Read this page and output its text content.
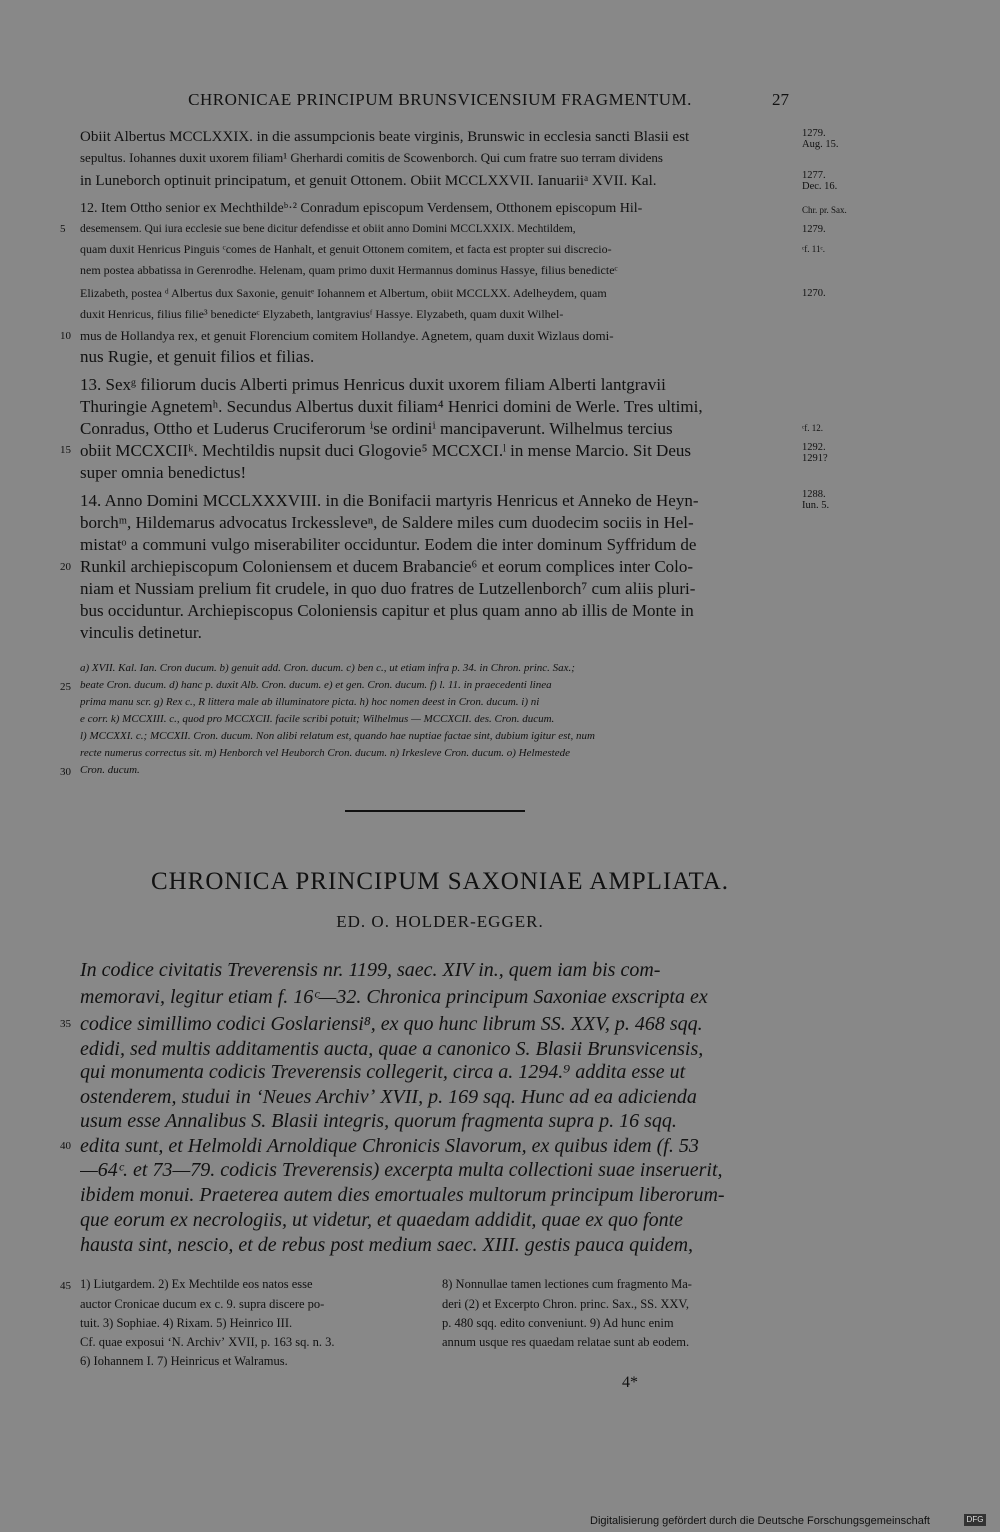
CHRONICAE PRINCIPUM BRUNSVICENSIUM FRAGMENTUM.	27
Obiit Albertus MCCLXXIX. in die assumpcionis beate virginis, Brunswic in ecclesia sancti Blasii est
sepultus. Iohannes duxit uxorem filiam¹ Gherhardi comitis de Scowenborch. Qui cum fratre suo terram dividens
in Luneborch optinuit principatum, et genuit Ottonem. Obiit MCCLXXVII. Ianuariiᵃ XVII. Kal.
12. Item Ottho senior ex Mechthildeᵇ·² Conradum episcopum Verdensem, Otthonem episcopum Hil-
desemensem. Qui iura ecclesie sue bene dicitur defendisse et obiit anno Domini MCCLXXIX. Mechtildem,
quam duxit Henricus Pinguis ᶜcomes de Hanhalt, et genuit Ottonem comitem, et facta est propter sui discrecio-
nem postea abbatissa in Gerenrodhe. Helenam, quam primo duxit Hermannus dominus Hassye, filius benedicteᶜ
Elizabeth, postea ᵈ Albertus dux Saxonie, genuitᵉ Iohannem et Albertum, obiit MCCLXX. Adelheydem, quam
duxit Henricus, filius filie³ benedicteᶜ Elyzabeth, lantgraviusᶠ Hassye. Elyzabeth, quam duxit Wilhel-
mus de Hollandya rex, et genuit Florencium comitem Hollandye. Agnetem, quam duxit Wizlaus domi-
nus Rugie, et genuit filios et filias.
13. Sexᵍ filiorum ducis Alberti primus Henricus duxit uxorem filiam Alberti lantgravii
Thuringie Agnetemʰ. Secundus Albertus duxit filiam⁴ Henrici domini de Werle. Tres ultimi,
Conradus, Ottho et Luderus Cruciferorum ⁱse ordiniⁱ mancipaverunt. Wilhelmus tercius
obiit MCCXCIIᵏ. Mechtildis nupsit duci Glogovie⁵ MCCXCI.ˡ in mense Marcio. Sit Deus
super omnia benedictus!
14. Anno Domini MCCLXXXVIII. in die Bonifacii martyris Henricus et Anneko de Heyn-
borchᵐ, Hildemarus advocatus Irckessleveⁿ, de Saldere miles cum duodecim sociis in Hel-
mistatᵒ a communi vulgo miserabiliter occiduntur. Eodem die inter dominum Syffridum de
Runkil archiepiscopum Coloniensem et ducem Brabancie⁶ et eorum complices inter Colo-
niam et Nussiam prelium fit crudele, in quo duo fratres de Lutzellenborch⁷ cum aliis pluri-
bus occiduntur. Archiepiscopus Coloniensis capitur et plus quam anno ab illis de Monte in
vinculis detinetur.
5
10
15
20
25
30
35
40
45
1279.
Aug. 15.
1277.
Dec. 16.
Chr. pr. Sax.
1279.
ᶜf. 11ᶜ.
1270.
ᶜf. 12.
1292.
1291?
1288.
Iun. 5.
a) XVII. Kal. Ian. Cron ducum. b) genuit add. Cron. ducum. c) ben c., ut etiam infra p. 34. in Chron. princ. Sax.;
beate Cron. ducum. d) hanc p. duxit Alb. Cron. ducum. e) et gen. Cron. ducum. f) l. 11. in praecedenti linea
prima manu scr. g) Rex c., R littera male ab illuminatore picta. h) hoc nomen deest in Cron. ducum. i) ni
e corr. k) MCCXIII. c., quod pro MCCXCII. facile scribi potuit; Wilhelmus — MCCXCII. des. Cron. ducum.
l) MCCXXI. c.; MCCXII. Cron. ducum. Non alibi relatum est, quando hae nuptiae factae sint, dubium igitur est, num
recte numerus correctus sit. m) Henborch vel Heuborch Cron. ducum. n) Irkesleve Cron. ducum. o) Helmestede
Cron. ducum.
CHRONICA PRINCIPUM SAXONIAE AMPLIATA.
ED. O. HOLDER-EGGER.
In codice civitatis Treverensis nr. 1199, saec. XIV in., quem iam bis com-
memoravi, legitur etiam f. 16ᶜ—32. Chronica principum Saxoniae exscripta ex
codice simillimo codici Goslariensi⁸, ex quo hunc librum SS. XXV, p. 468 sqq.
edidi, sed multis additamentis aucta, quae a canonico S. Blasii Brunsvicensis,
qui monumenta codicis Treverensis collegerit, circa a. 1294.⁹ addita esse ut
ostenderem, studui in ʻNeues Archivʼ XVII, p. 169 sqq. Hunc ad ea adicienda
usum esse Annalibus S. Blasii integris, quorum fragmenta supra p. 16 sqq.
edita sunt, et Helmoldi Arnoldique Chronicis Slavorum, ex quibus idem (f. 53
—64ᶜ. et 73—79. codicis Treverensis) excerpta multa collectioni suae inseruerit,
ibidem monui. Praeterea autem dies emortuales multorum principum liberorum-
que eorum ex necrologiis, ut videtur, et quaedam addidit, quae ex quo fonte
hausta sint, nescio, et de rebus post medium saec. XIII. gestis pauca quidem,
1) Liutgardem. 2) Ex Mechtilde eos natos esse
auctor Cronicae ducum ex c. 9. supra discere po-
tuit. 3) Sophiae. 4) Rixam. 5) Heinrico III.
Cf. quae exposui ʻN. Archivʼ XVII, p. 163 sq. n. 3.
6) Iohannem I. 7) Heinricus et Walramus.
8) Nonnullae tamen lectiones cum fragmento Ma-
deri (2) et Excerpto Chron. princ. Sax., SS. XXV,
p. 480 sqq. edito conveniunt. 9) Ad hunc enim
annum usque res quaedam relatae sunt ab eodem.
4*
Digitalisierung gefördert durch die Deutsche Forschungsgemeinschaft	DFG
